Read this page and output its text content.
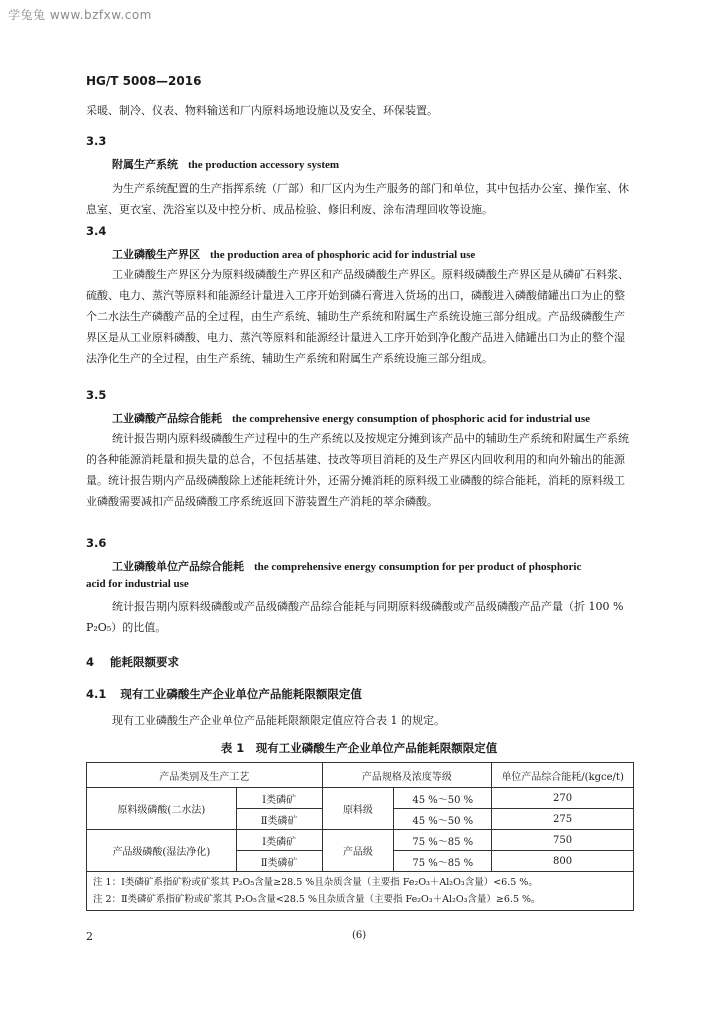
学兔兔 www.bzfxw.com
HG/T 5008—2016
采暖、制冷、仪表、物料输送和厂内原料场地设施以及安全、环保装置。
3.3
附属生产系统 the production accessory system
为生产系统配置的生产指挥系统（厂部）和厂区内为生产服务的部门和单位，其中包括办公室、操作室、休息室、更衣室、洗浴室以及中控分析、成品检验、修旧利废、涂布清理回收等设施。
3.4
工业磷酸生产界区 the production area of phosphoric acid for industrial use
工业磷酸生产界区分为原料级磷酸生产界区和产品级磷酸生产界区。原料级磷酸生产界区是从磷矿石料浆、硫酸、电力、蒸汽等原料和能源经计量进入工序开始到磷石膏进入货场的出口，磷酸进入磷酸储罐出口为止的整个二水法生产磷酸产品的全过程，由生产系统、辅助生产系统和附属生产系统设施三部分组成。产品级磷酸生产界区是从工业原料磷酸、电力、蒸汽等原料和能源经计量进入工序开始到净化酸产品进入储罐出口为止的整个湿法净化生产的全过程，由生产系统、辅助生产系统和附属生产系统设施三部分组成。
3.5
工业磷酸产品综合能耗 the comprehensive energy consumption of phosphoric acid for industrial use
统计报告期内原料级磷酸生产过程中的生产系统以及按规定分摊到该产品中的辅助生产系统和附属生产系统的各种能源消耗量和损失量的总合，不包括基建、技改等项目消耗的及生产界区内回收利用的和向外输出的能源量。统计报告期内产品级磷酸除上述能耗统计外，还需分摊消耗的原料级工业磷酸的综合能耗，消耗的原料级工业磷酸需要减扣产品级磷酸工序系统返回下游装置生产消耗的萃余磷酸。
3.6
工业磷酸单位产品综合能耗 the comprehensive energy consumption for per product of phosphoric
acid for industrial use
统计报告期内原料级磷酸或产品级磷酸产品综合能耗与同期原料级磷酸或产品级磷酸产品产量（折 100 % P₂O₅）的比值。
4 能耗限额要求
4.1 现有工业磷酸生产企业单位产品能耗限额限定值
现有工业磷酸生产企业单位产品能耗限额限定值应符合表 1 的规定。
表 1　现有工业磷酸生产企业单位产品能耗限额限定值
产品类别及生产工艺		产品规格及浓度等级		单位产品综合能耗/(kgce/t)
原料级磷酸(二水法)	Ⅰ类磷矿	原料级	45 %～50 %	270
	Ⅱ类磷矿		45 %～50 %	275
产品级磷酸(湿法净化)	Ⅰ类磷矿	产品级	75 %～85 %	750
	Ⅱ类磷矿		75 %～85 %	800

注 1：Ⅰ类磷矿系指矿粉或矿浆其 P₂O₅含量≥28.5 %且杂质含量（主要指 Fe₂O₃＋Al₂O₃含量）<6.5 %。
注 2：Ⅱ类磷矿系指矿粉或矿浆其 P₂O₅含量<28.5 %且杂质含量（主要指 Fe₂O₃＋Al₂O₃含量）≥6.5 %。				
2	(6)
